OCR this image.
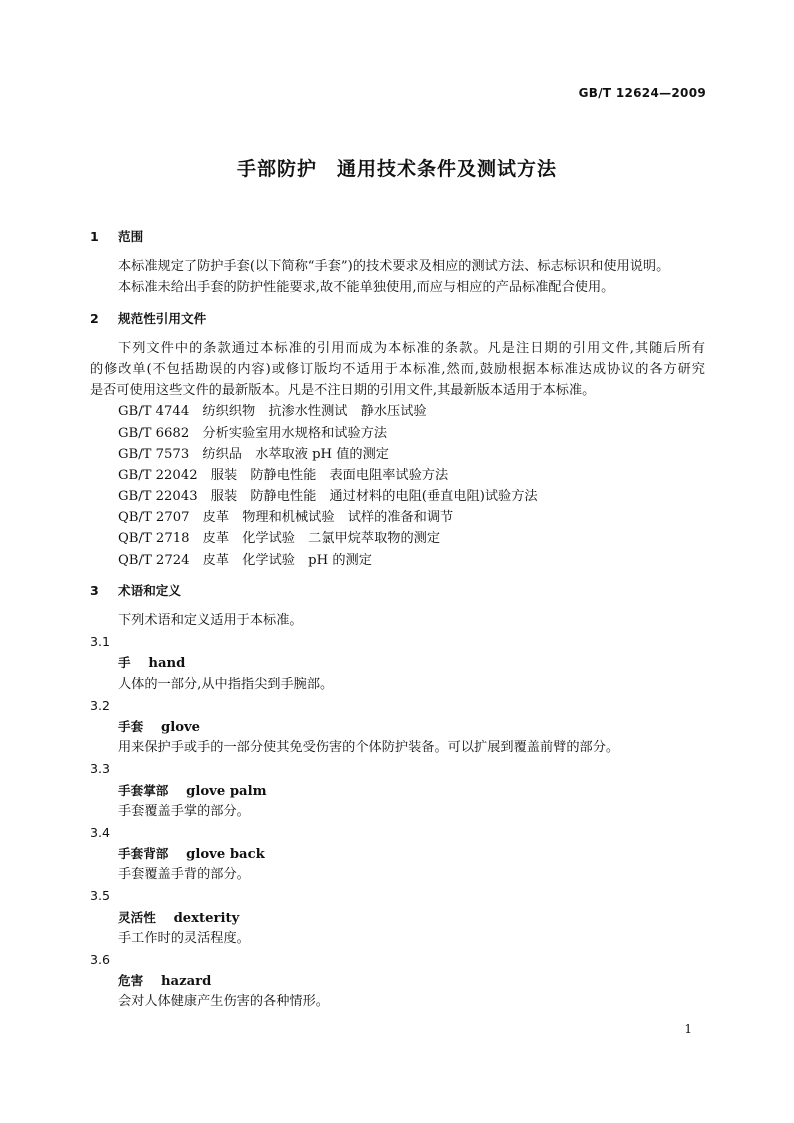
GB/T 12624—2009
手部防护　通用技术条件及测试方法
1 范围
本标准规定了防护手套(以下简称“手套”)的技术要求及相应的测试方法、标志标识和使用说明。
本标准未给出手套的防护性能要求,故不能单独使用,而应与相应的产品标准配合使用。
2 规范性引用文件
下列文件中的条款通过本标准的引用而成为本标准的条款。凡是注日期的引用文件,其随后所有
的修改单(不包括勘误的内容)或修订版均不适用于本标准,然而,鼓励根据本标准达成协议的各方研究
是否可使用这些文件的最新版本。凡是不注日期的引用文件,其最新版本适用于本标准。
GB/T 4744　纺织织物　抗渗水性测试　静水压试验
GB/T 6682　分析实验室用水规格和试验方法
GB/T 7573　纺织品　水萃取液 pH 值的测定
GB/T 22042　服装　防静电性能　表面电阻率试验方法
GB/T 22043　服装　防静电性能　通过材料的电阻(垂直电阻)试验方法
QB/T 2707　皮革　物理和机械试验　试样的准备和调节
QB/T 2718　皮革　化学试验　二氯甲烷萃取物的测定
QB/T 2724　皮革　化学试验　pH 的测定
3 术语和定义
下列术语和定义适用于本标准。
3.1
手　 hand
人体的一部分,从中指指尖到手腕部。
3.2
手套　 glove
用来保护手或手的一部分使其免受伤害的个体防护装备。可以扩展到覆盖前臂的部分。
3.3
手套掌部　 glove palm
手套覆盖手掌的部分。
3.4
手套背部　 glove back
手套覆盖手背的部分。
3.5
灵活性　 dexterity
手工作时的灵活程度。
3.6
危害　 hazard
会对人体健康产生伤害的各种情形。
1
